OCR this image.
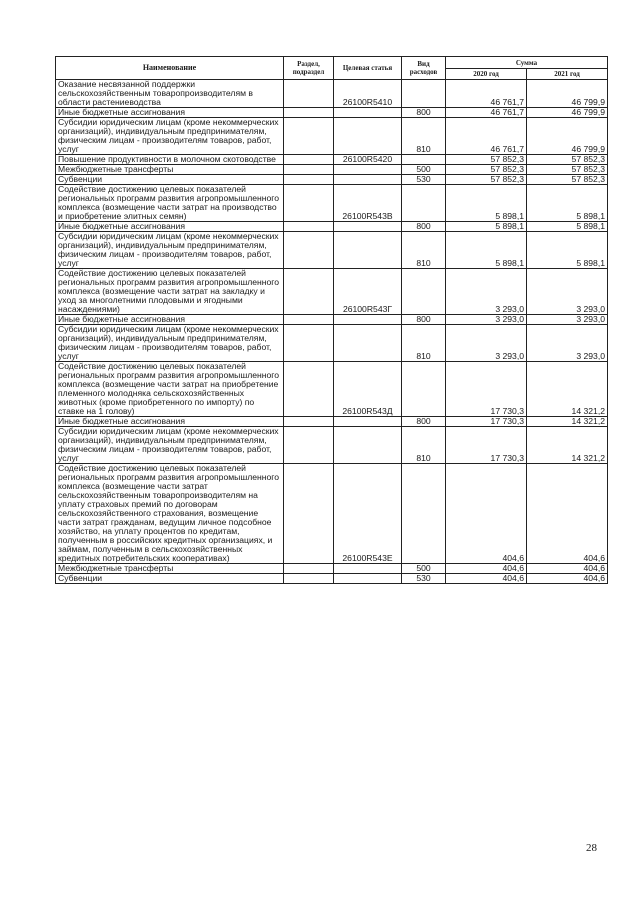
Наименование	Раздел, подраздел	Целевая статья	Вид расходов	Сумма	
				2020 год	2021 год
Оказание несвязанной поддержки сельскохозяйственным товаропроизводителям в области растениеводства		26100R5410		46 761,7	46 799,9
Иные бюджетные ассигнования			800	46 761,7	46 799,9
Субсидии юридическим лицам (кроме некоммерческих организаций), индивидуальным предпринимателям, физическим лицам - производителям товаров, работ, услуг			810	46 761,7	46 799,9
Повышение продуктивности в молочном скотоводстве		26100R5420		57 852,3	57 852,3
Межбюджетные трансферты			500	57 852,3	57 852,3
Субвенции			530	57 852,3	57 852,3
Содействие достижению целевых показателей региональных программ развития агропромышленного комплекса (возмещение части затрат на производство и приобретение элитных семян)		26100R543В		5 898,1	5 898,1
Иные бюджетные ассигнования			800	5 898,1	5 898,1
Субсидии юридическим лицам (кроме некоммерческих организаций), индивидуальным предпринимателям, физическим лицам - производителям товаров, работ, услуг			810	5 898,1	5 898,1
Содействие достижению целевых показателей региональных программ развития агропромышленного комплекса (возмещение части затрат на закладку и уход за многолетними плодовыми и ягодными насаждениями)		26100R543Г		3 293,0	3 293,0
Иные бюджетные ассигнования			800	3 293,0	3 293,0
Субсидии юридическим лицам (кроме некоммерческих организаций), индивидуальным предпринимателям, физическим лицам - производителям товаров, работ, услуг			810	3 293,0	3 293,0
Содействие достижению целевых показателей региональных программ развития агропромышленного комплекса (возмещение части затрат на приобретение племенного молодняка сельскохозяйственных животных (кроме приобретенного по импорту) по ставке на 1 голову)		26100R543Д		17 730,3	14 321,2
Иные бюджетные ассигнования			800	17 730,3	14 321,2
Субсидии юридическим лицам (кроме некоммерческих организаций), индивидуальным предпринимателям, физическим лицам - производителям товаров, работ, услуг			810	17 730,3	14 321,2
Содействие достижению целевых показателей региональных программ развития агропромышленного комплекса (возмещение части затрат сельскохозяйственным товаропроизводителям на уплату страховых премий по договорам сельскохозяйственного страхования, возмещение части затрат гражданам, ведущим личное подсобное хозяйство, на уплату процентов по кредитам, полученным в российских кредитных организациях, и займам, полученным в сельскохозяйственных кредитных потребительских кооперативах)		26100R543Е		404,6	404,6
Межбюджетные трансферты			500	404,6	404,6
Субвенции			530	404,6	404,6
28
